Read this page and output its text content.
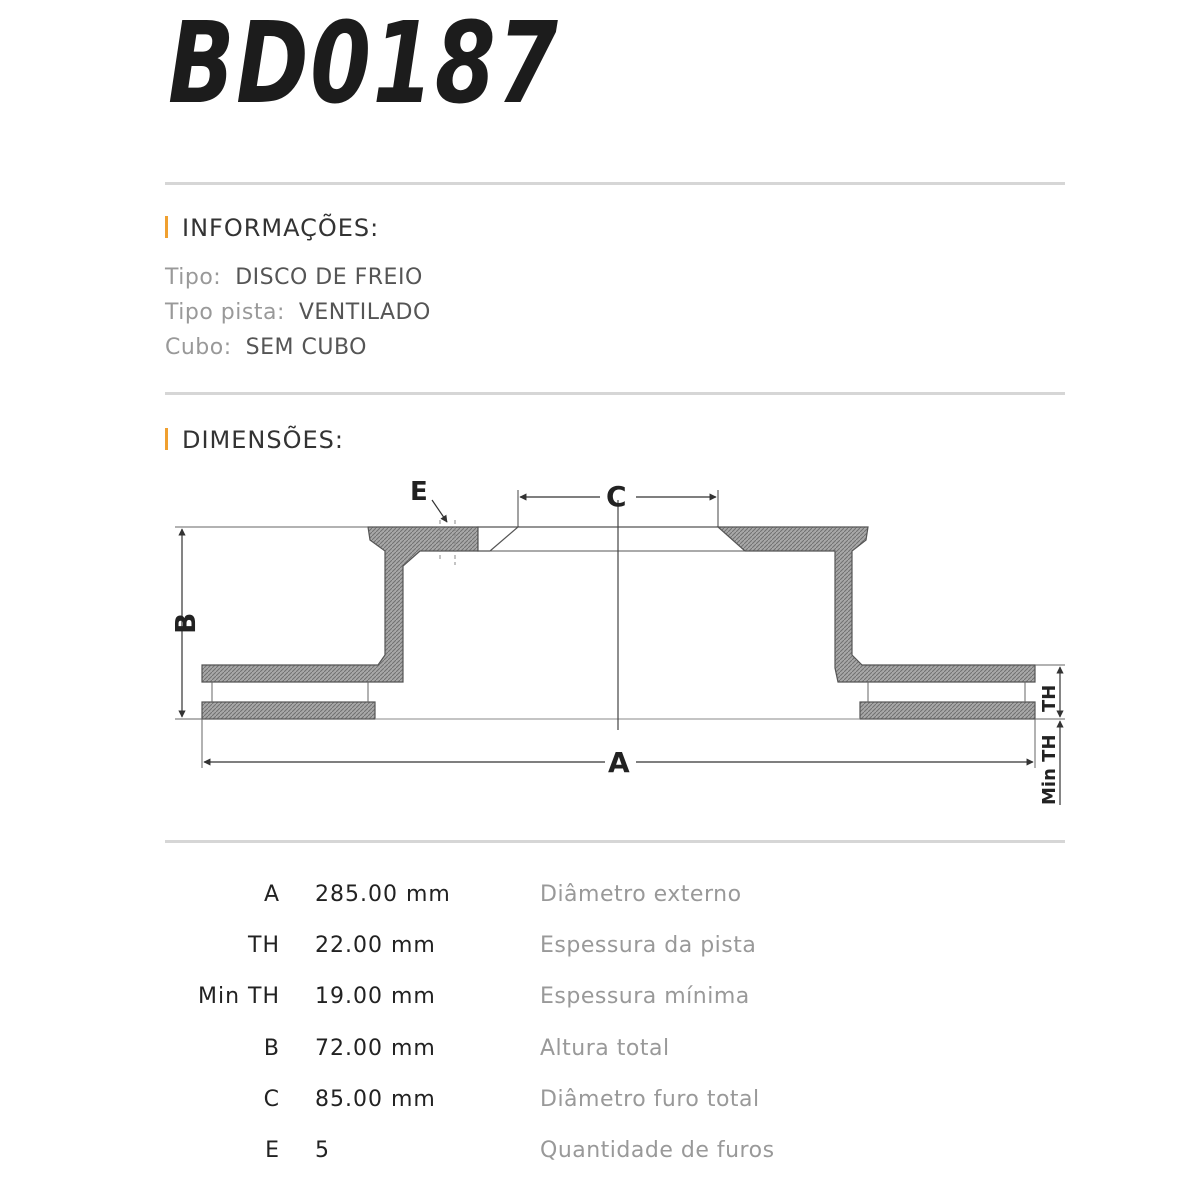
BD0187
INFORMAÇÕES:
Tipo: DISCO DE FREIO
Tipo pista: VENTILADO
Cubo: SEM CUBO
DIMENSÕES:
E	C
B
A
TH
Min TH
A 285.00 mm	Diâmetro externo
TH 22.00 mm	Espessura da pista
Min TH 19.00 mm	Espessura mínima
B 72.00 mm	Altura total
C 85.00 mm	Diâmetro furo total
E 5	Quantidade de furos
